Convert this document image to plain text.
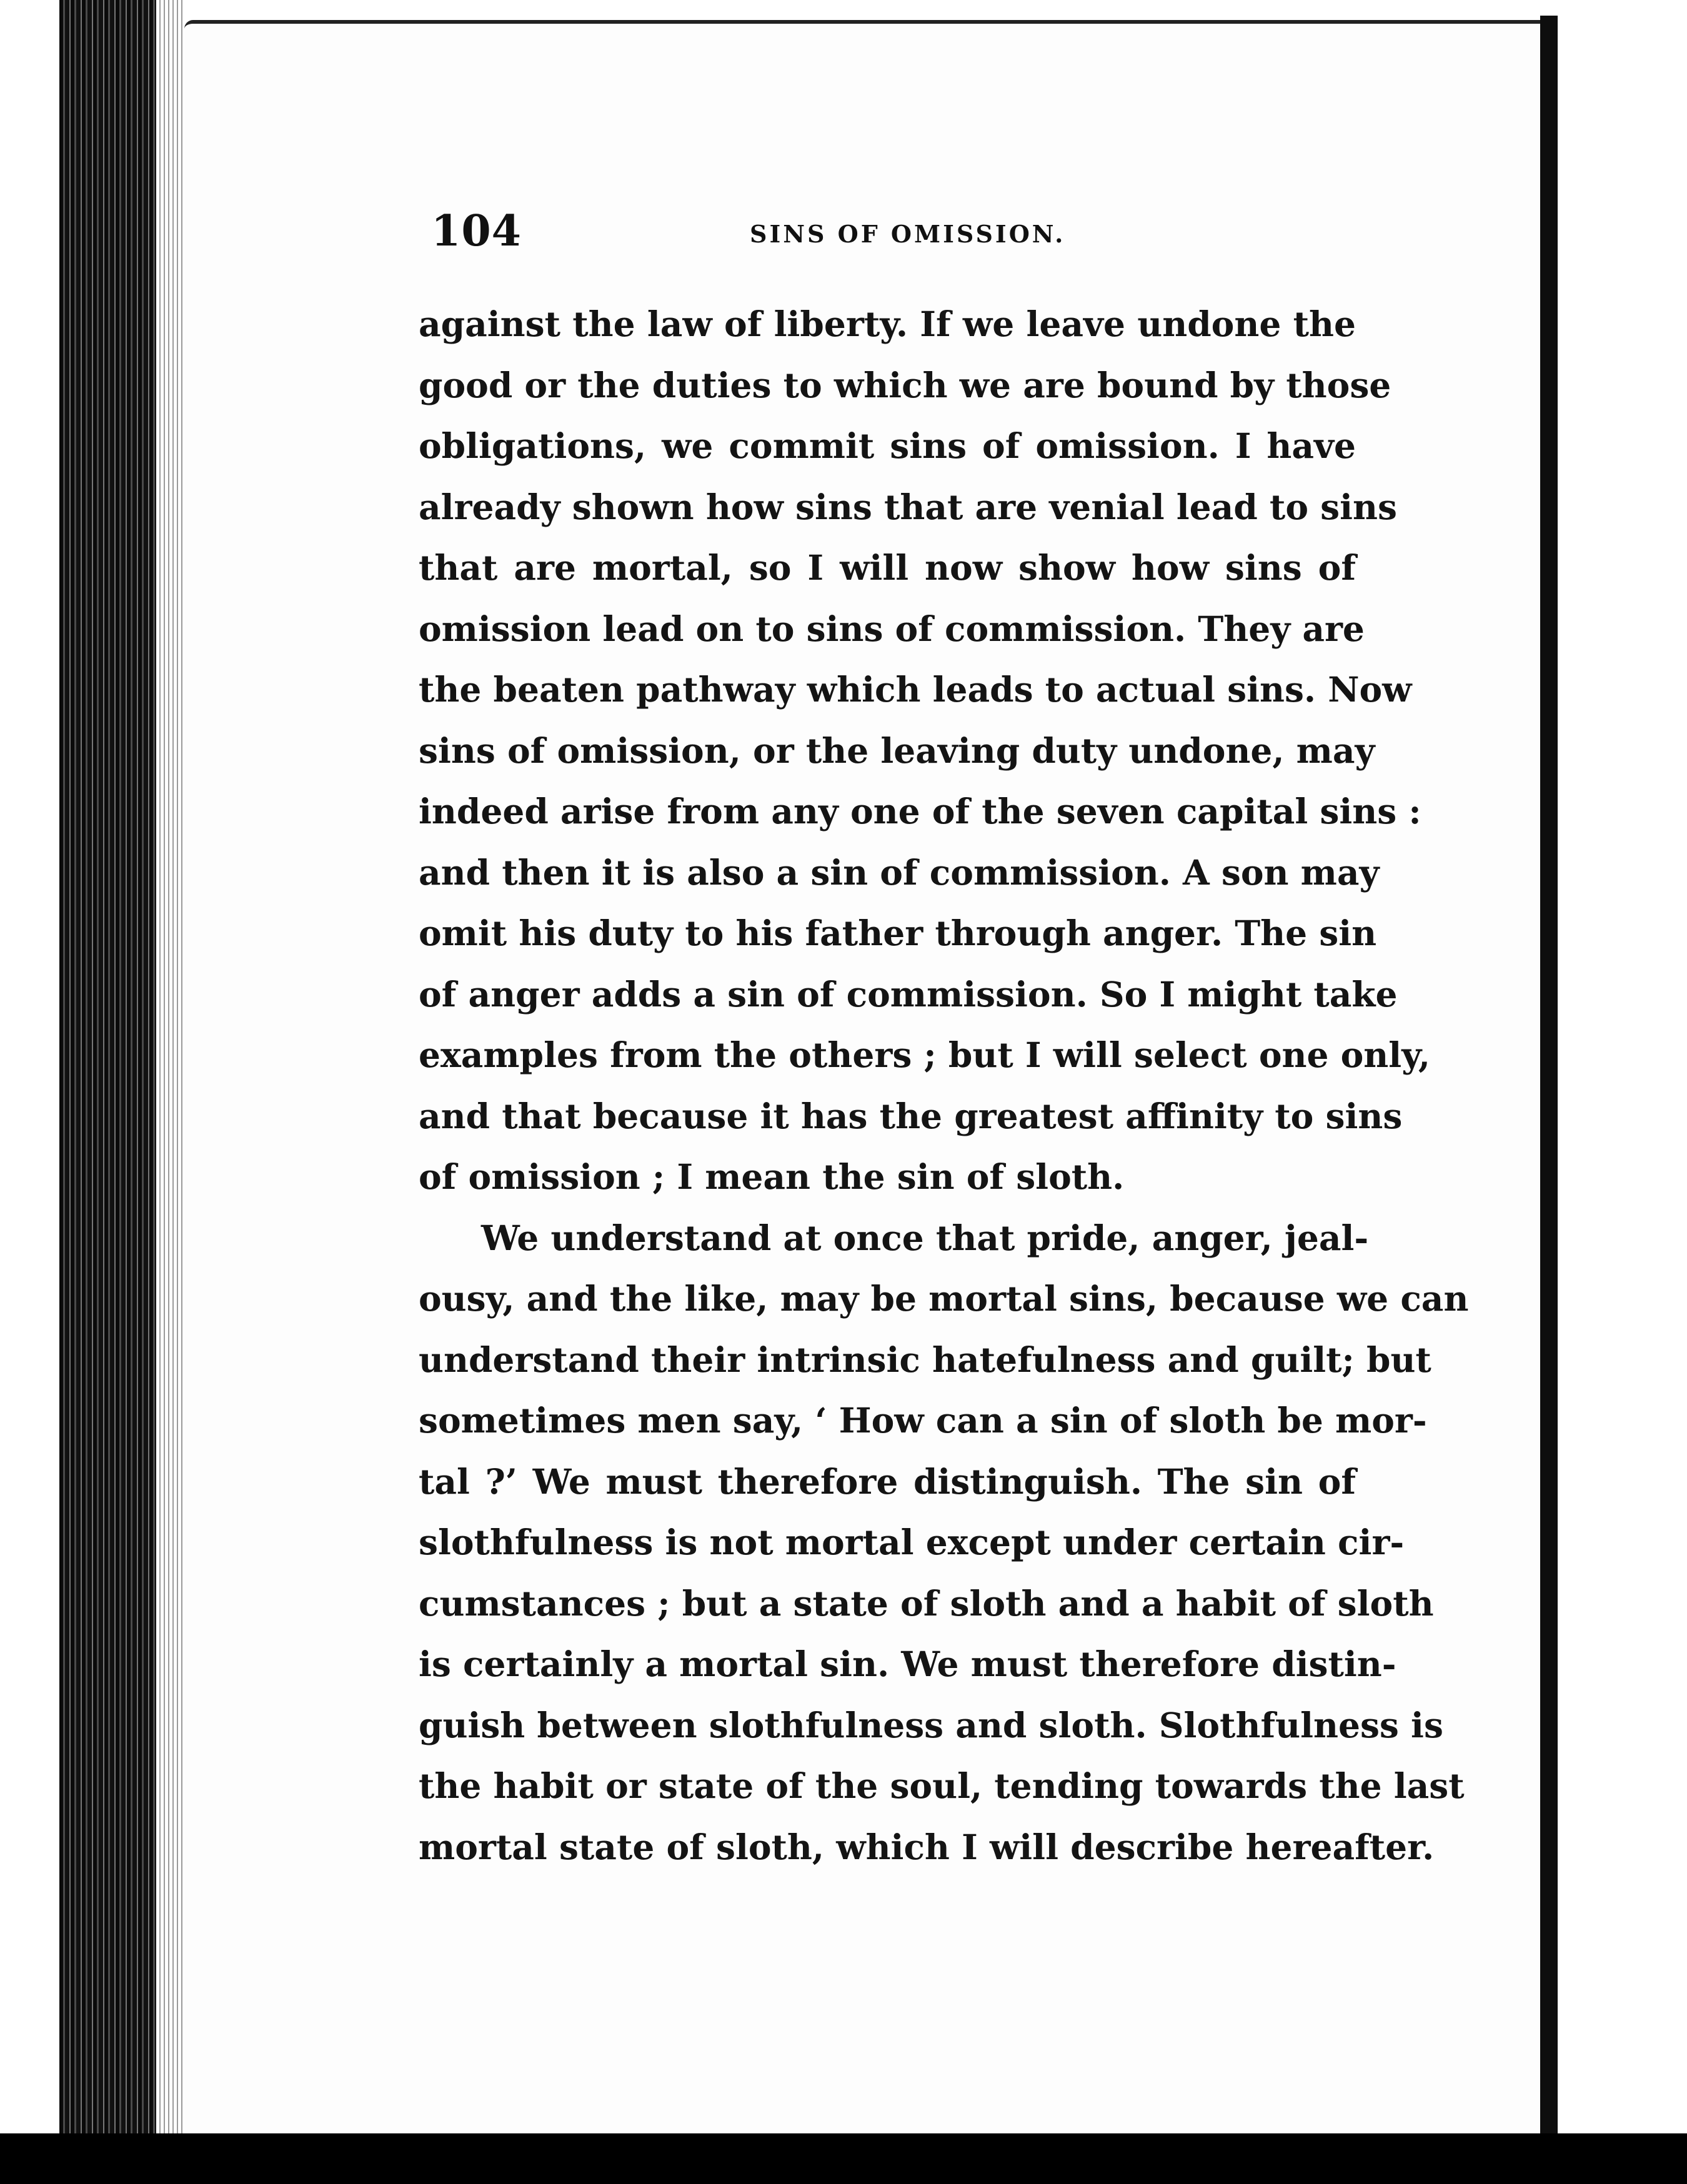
104	SINS OF OMISSION.
against the law of liberty. If we leave undone the
good or the duties to which we are bound by those
obligations, we commit sins of omission. I have
already shown how sins that are venial lead to sins
that are mortal, so I will now show how sins of
omission lead on to sins of commission. They are
the beaten pathway which leads to actual sins. Now
sins of omission, or the leaving duty undone, may
indeed arise from any one of the seven capital sins :
and then it is also a sin of commission. A son may
omit his duty to his father through anger. The sin
of anger adds a sin of commission. So I might take
examples from the others ; but I will select one only,
and that because it has the greatest affinity to sins
of omission ; I mean the sin of sloth.
We understand at once that pride, anger, jeal-
ousy, and the like, may be mortal sins, because we can
understand their intrinsic hatefulness and guilt; but
sometimes men say, ‘ How can a sin of sloth be mor-
tal ?’ We must therefore distinguish. The sin of
slothfulness is not mortal except under certain cir-
cumstances ; but a state of sloth and a habit of sloth
is certainly a mortal sin. We must therefore distin-
guish between slothfulness and sloth. Slothfulness is
the habit or state of the soul, tending towards the last
mortal state of sloth, which I will describe hereafter.
